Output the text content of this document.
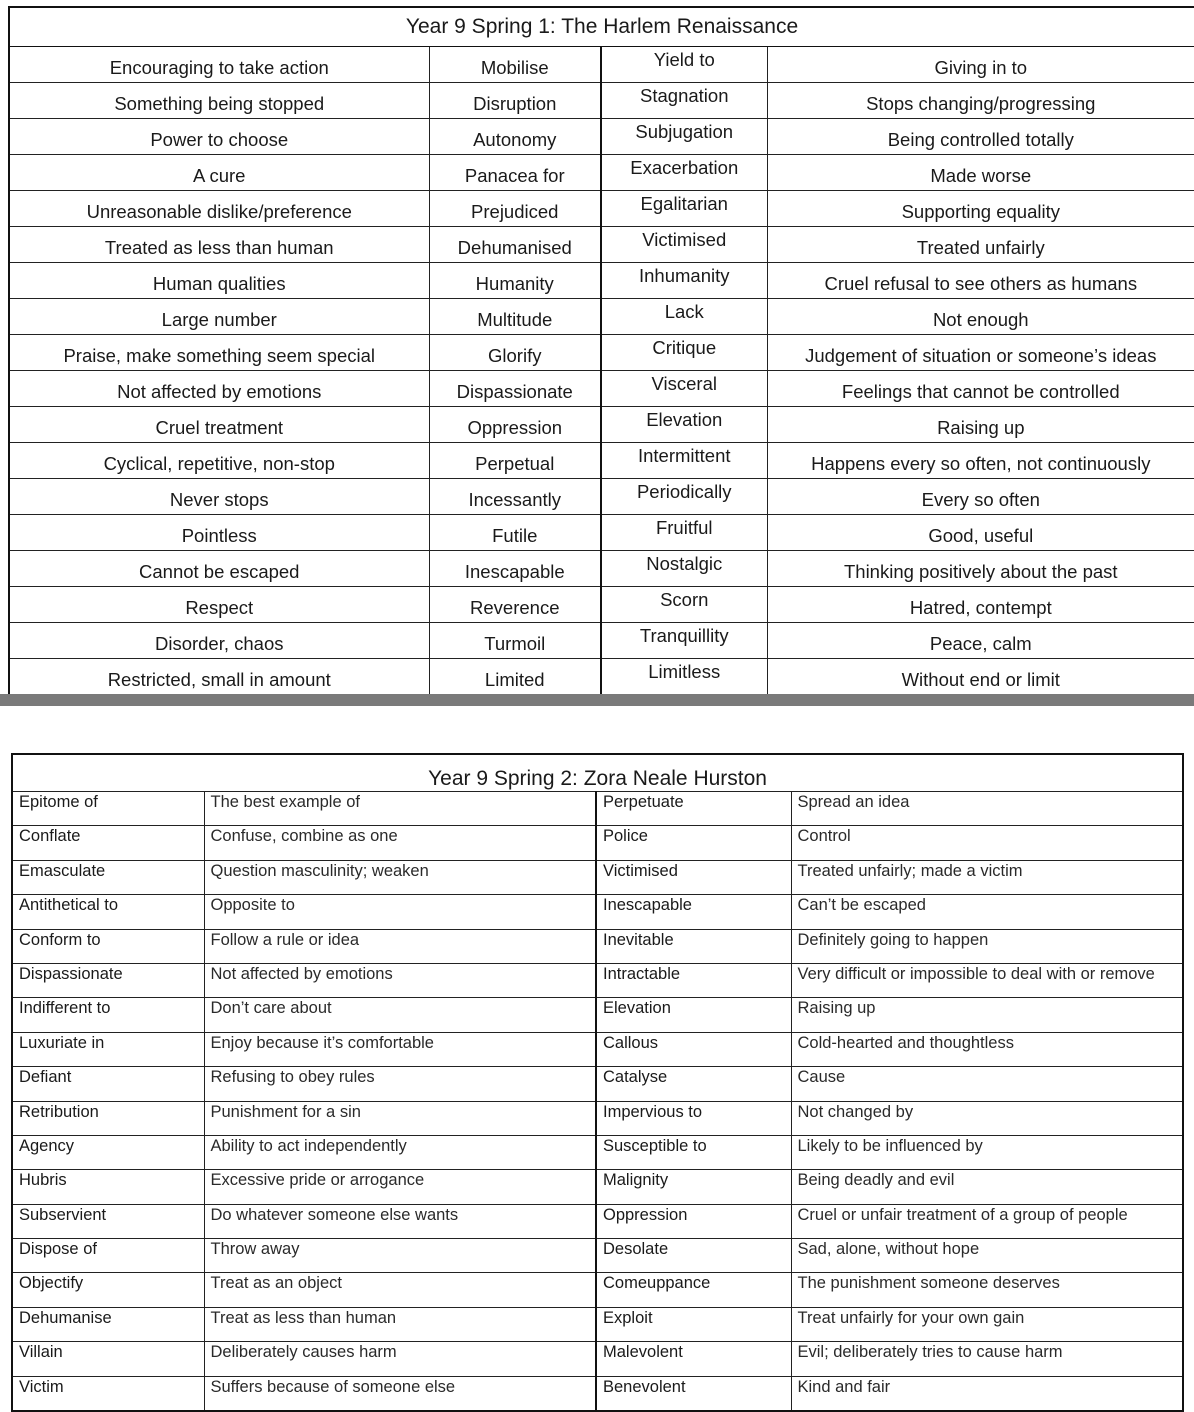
Year 9 Spring 1: The Harlem Renaissance			
Encouraging to take action	Mobilise	Yield to	Giving in to
Something being stopped	Disruption	Stagnation	Stops changing/progressing
Power to choose	Autonomy	Subjugation	Being controlled totally
A cure	Panacea for	Exacerbation	Made worse
Unreasonable dislike/preference	Prejudiced	Egalitarian	Supporting equality
Treated as less than human	Dehumanised	Victimised	Treated unfairly
Human qualities	Humanity	Inhumanity	Cruel refusal to see others as humans
Large number	Multitude	Lack	Not enough
Praise, make something seem special	Glorify	Critique	Judgement of situation or someone’s ideas
Not affected by emotions	Dispassionate	Visceral	Feelings that cannot be controlled
Cruel treatment	Oppression	Elevation	Raising up
Cyclical, repetitive, non-stop	Perpetual	Intermittent	Happens every so often, not continuously
Never stops	Incessantly	Periodically	Every so often
Pointless	Futile	Fruitful	Good, useful
Cannot be escaped	Inescapable	Nostalgic	Thinking positively about the past
Respect	Reverence	Scorn	Hatred, contempt
Disorder, chaos	Turmoil	Tranquillity	Peace, calm
Restricted, small in amount	Limited	Limitless	Without end or limit
Year 9 Spring 2: Zora Neale Hurston			
Epitome of	The best example of	Perpetuate	Spread an idea
Conflate	Confuse, combine as one	Police	Control
Emasculate	Question masculinity; weaken	Victimised	Treated unfairly; made a victim
Antithetical to	Opposite to	Inescapable	Can’t be escaped
Conform to	Follow a rule or idea	Inevitable	Definitely going to happen
Dispassionate	Not affected by emotions	Intractable	Very difficult or impossible to deal with or remove
Indifferent to	Don’t care about	Elevation	Raising up
Luxuriate in	Enjoy because it’s comfortable	Callous	Cold-hearted and thoughtless
Defiant	Refusing to obey rules	Catalyse	Cause
Retribution	Punishment for a sin	Impervious to	Not changed by
Agency	Ability to act independently	Susceptible to	Likely to be influenced by
Hubris	Excessive pride or arrogance	Malignity	Being deadly and evil
Subservient	Do whatever someone else wants	Oppression	Cruel or unfair treatment of a group of people
Dispose of	Throw away	Desolate	Sad, alone, without hope
Objectify	Treat as an object	Comeuppance	The punishment someone deserves
Dehumanise	Treat as less than human	Exploit	Treat unfairly for your own gain
Villain	Deliberately causes harm	Malevolent	Evil; deliberately tries to cause harm
Victim	Suffers because of someone else	Benevolent	Kind and fair
